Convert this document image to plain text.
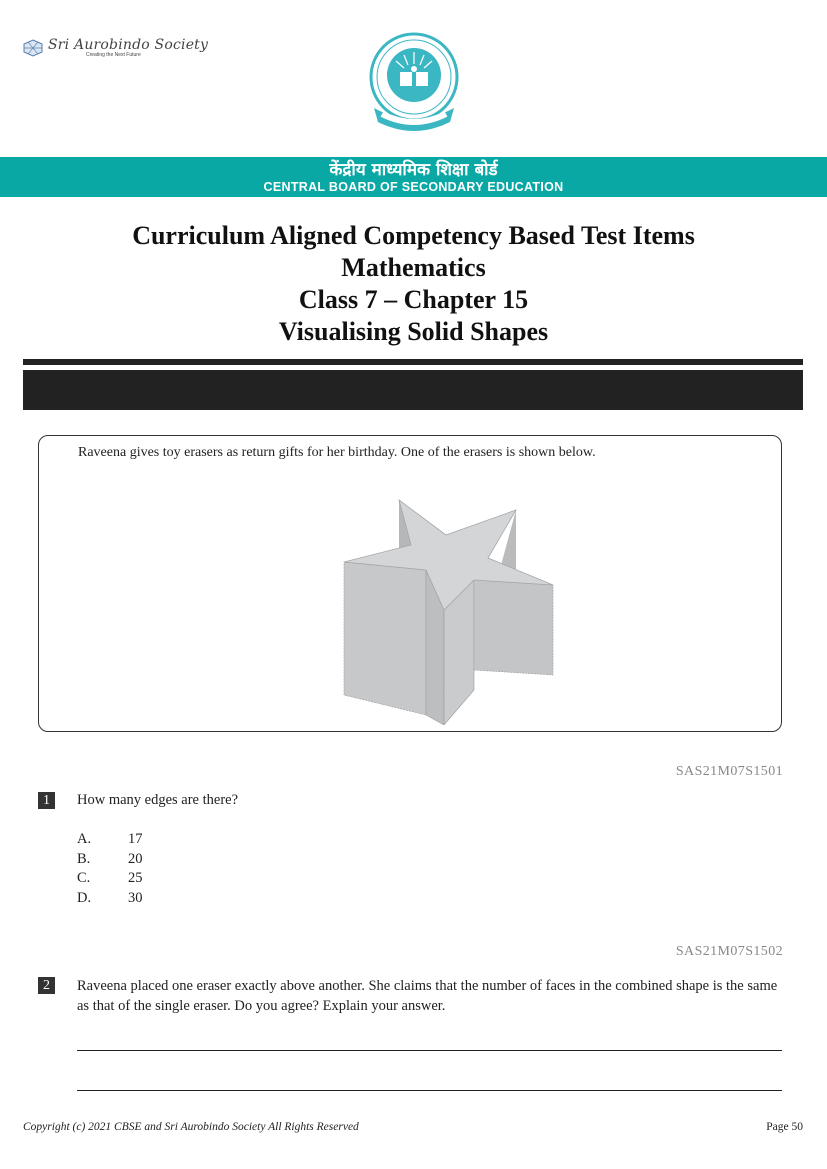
Sri Aurobindo Society
Creating the Next Future
केंद्रीय माध्यमिक शिक्षा बोर्ड
CENTRAL BOARD OF SECONDARY EDUCATION
Curriculum Aligned Competency Based Test Items
Mathematics
Class 7 – Chapter 15
Visualising Solid Shapes
Raveena gives toy erasers as return gifts for her birthday. One of the erasers is shown below.
SAS21M07S1501
1	How many edges are there?
A.	17
B.	20
C.	25
D.	30
SAS21M07S1502
2	Raveena placed one eraser exactly above another. She claims that the number of faces in the combined shape is the same as that of the single eraser. Do you agree? Explain your answer.
Copyright (c) 2021 CBSE and Sri Aurobindo Society All Rights Reserved	Page 50
